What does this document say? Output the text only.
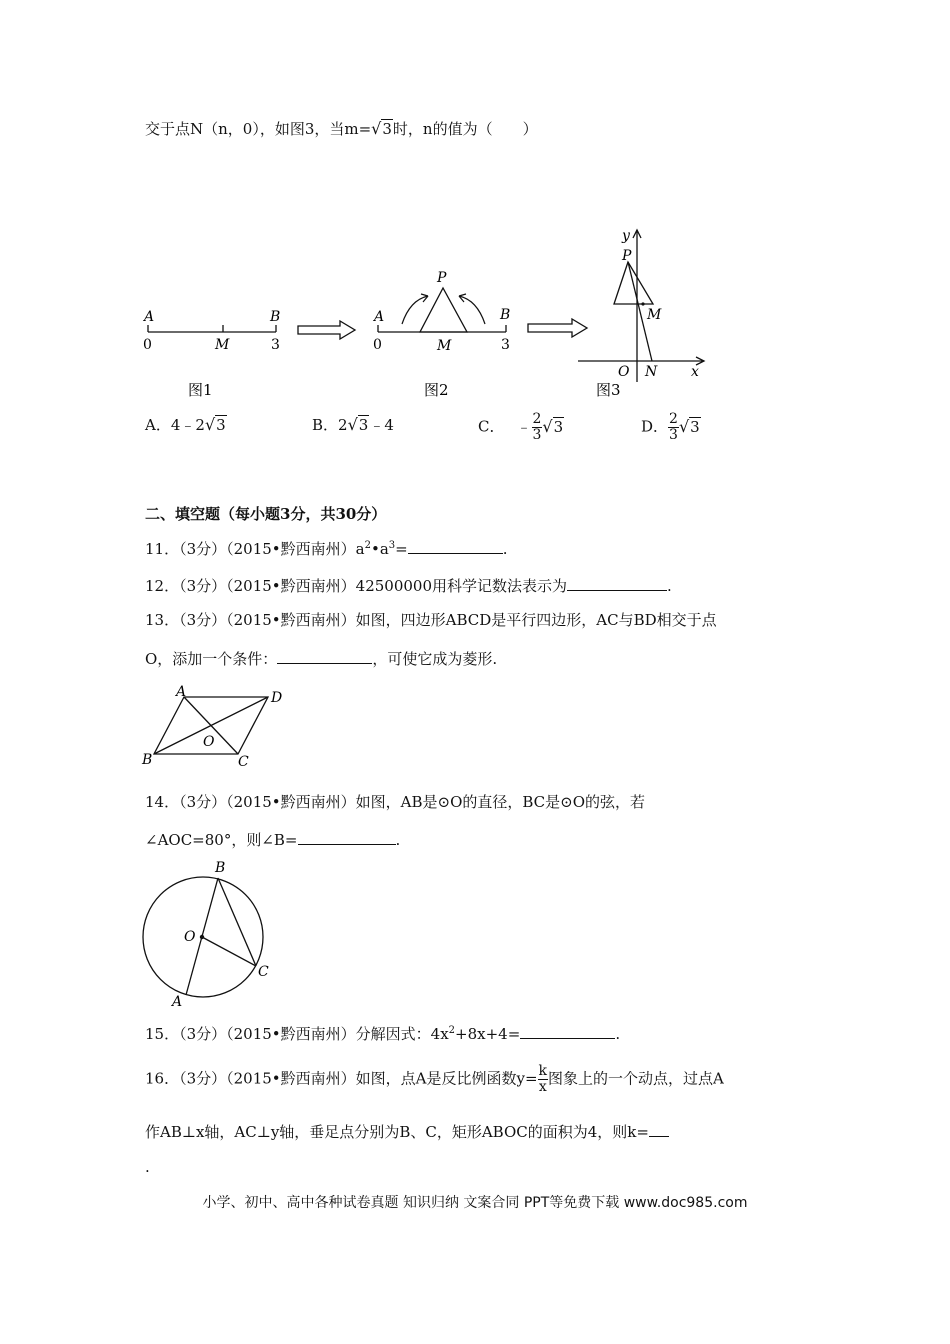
交于点N（n，0），如图3，当m=√3时，n的值为（　　）
A	B
0	M	3
图1
P
A	B
0	M	3
图2
y
P
M
O N x
图3
A．4﹣2√3	B．2√3﹣4	C． ﹣ $\frac{2}{3} √3$	D． $\frac{2}{3} √3$
二、填空题（每小题3分，共30分）
11．（3分）（2015•黔西南州）$a^2•a^3=$	.
12．（3分）（2015•黔西南州）42500000用科学记数法表示为	.
13．（3分）（2015•黔西南州）如图，四边形ABCD是平行四边形，AC与BD相交于点
O，添加一个条件：	，可使它成为菱形.
A	D
B	C
O
14．（3分）（2015•黔西南州）如图，AB是⊙O的直径，BC是⊙O的弦，若
∠AOC=80°，则∠B=	.
B
O
C
A
15．（3分）（2015•黔西南州）分解因式：$4x^2+8x+4=$	.
16．（3分）（2015•黔西南州）如图，点A是反比例函数$y= \frac{k}{x}$ 图象上的一个动点，过点A
作AB⊥x轴，AC⊥y轴，垂足点分别为B、C，矩形ABOC的面积为4，则k=
.
小学、初中、高中各种试卷真题 知识归纳 文案合同 PPT等免费下载 www.doc985.com
